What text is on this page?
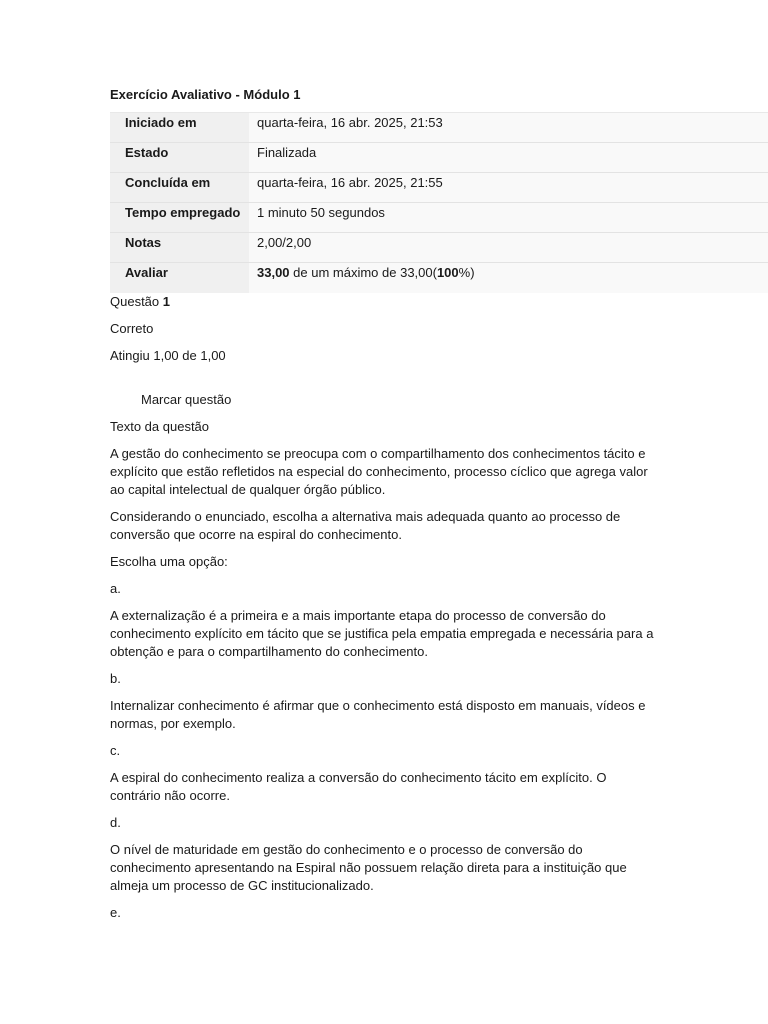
Exercício Avaliativo - Módulo 1

Iniciado em	quarta-feira, 16 abr. 2025, 21:53
Estado	Finalizada
Concluída em	quarta-feira, 16 abr. 2025, 21:55
Tempo empregado	1 minuto 50 segundos
Notas	2,00/2,00
Avaliar	33,00 de um máximo de 33,00(100%)

Questão 1

Correto

Atingiu 1,00 de 1,00

Marcar questão

Texto da questão

A gestão do conhecimento se preocupa com o compartilhamento dos conhecimentos tácito e explícito que estão refletidos na especial do conhecimento, processo cíclico que agrega valor ao capital intelectual de qualquer órgão público.

Considerando o enunciado, escolha a alternativa mais adequada quanto ao processo de conversão que ocorre na espiral do conhecimento.

Escolha uma opção:

a.

A externalização é a primeira e a mais importante etapa do processo de conversão do conhecimento explícito em tácito que se justifica pela empatia empregada e necessária para a obtenção e para o compartilhamento do conhecimento.

b.

Internalizar conhecimento é afirmar que o conhecimento está disposto em manuais, vídeos e normas, por exemplo.

c.

A espiral do conhecimento realiza a conversão do conhecimento tácito em explícito. O contrário não ocorre.

d.

O nível de maturidade em gestão do conhecimento e o processo de conversão do conhecimento apresentando na Espiral não possuem relação direta para a instituição que almeja um processo de GC institucionalizado.

e.
